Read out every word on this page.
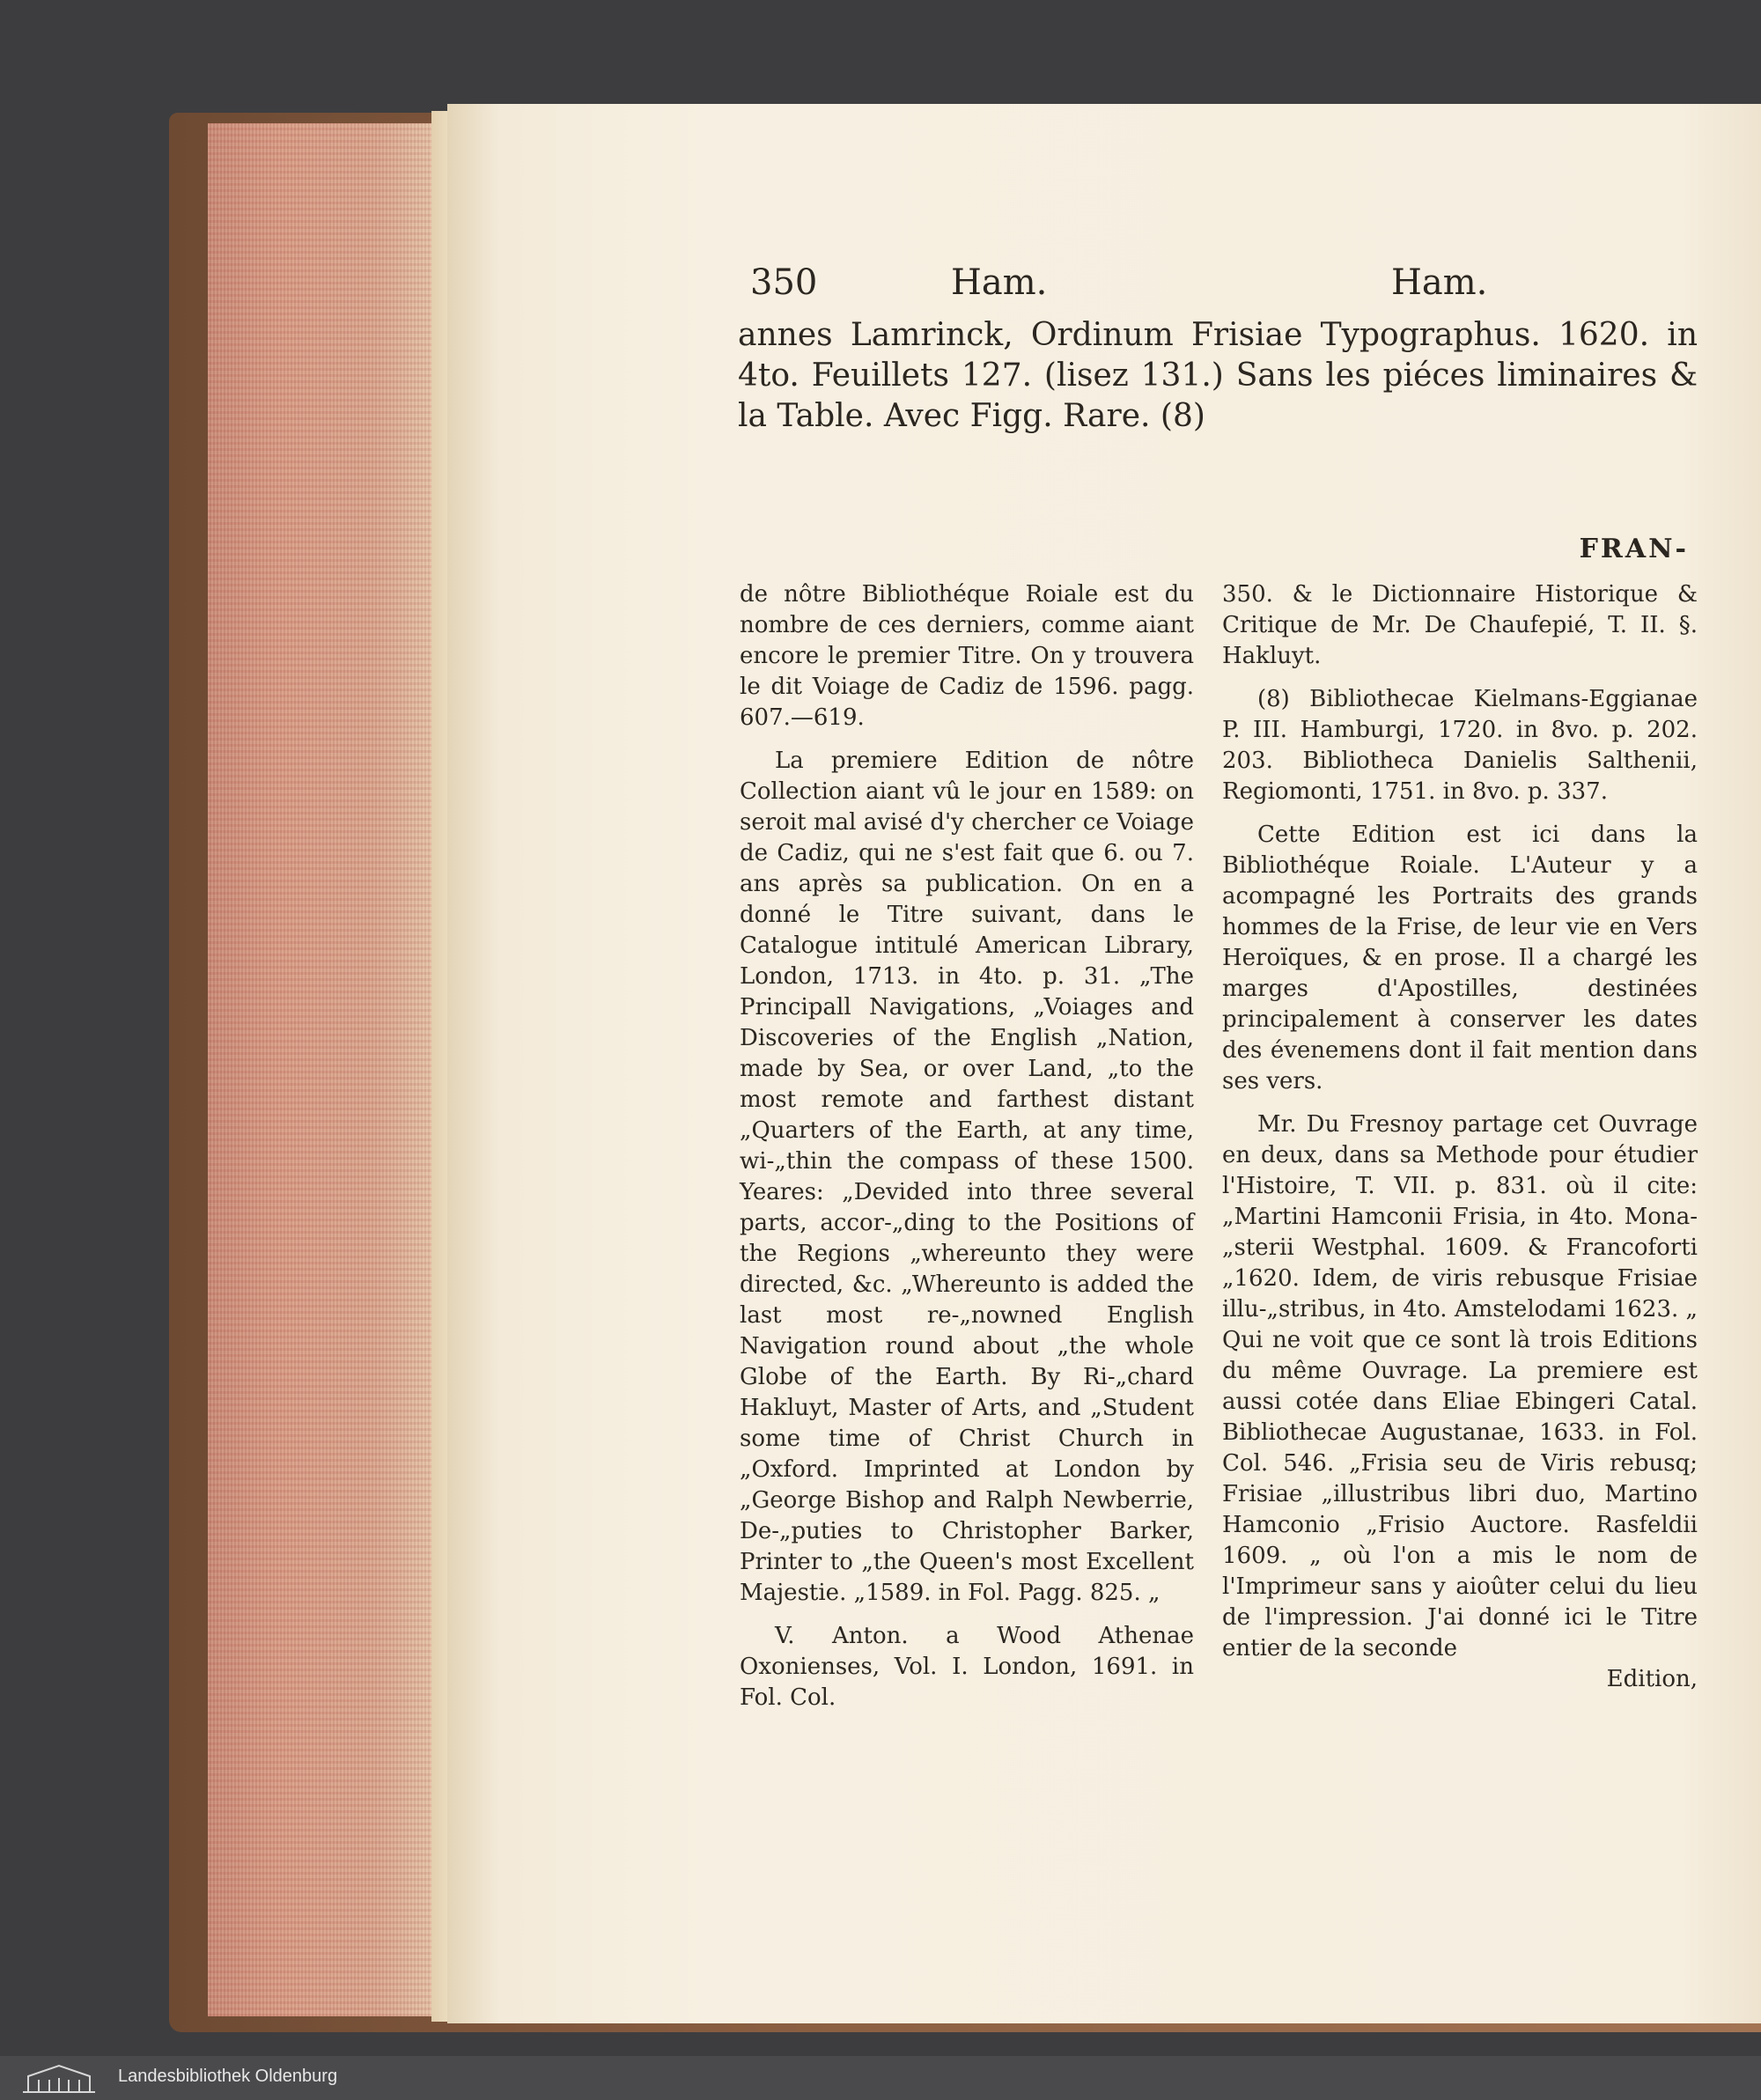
350	Ham.	Ham.

annes Lamrinck, Ordinum Frisiae Typographus. 1620. in 4to. Feuillets 127. (lisez 131.) Sans les piéces liminaires & la Table. Avec Figg. Rare. (8)

FRAN-

de nôtre Bibliothéque Roiale est du nombre de ces derniers, comme aiant encore le premier Titre. On y trouvera le dit Voiage de Cadiz de 1596. pagg. 607.—619.

La premiere Edition de nôtre Collection aiant vû le jour en 1589: on seroit mal avisé d'y chercher ce Voiage de Cadiz, qui ne s'est fait que 6. ou 7. ans après sa publication. On en a donné le Titre suivant, dans le Catalogue intitulé American Library, London, 1713. in 4to. p. 31. „The Principall Navigations, „Voiages and Discoveries of the English „Nation, made by Sea, or over Land, „to the most remote and farthest distant „Quarters of the Earth, at any time, wi-„thin the compass of these 1500. Yeares: „Devided into three several parts, accor-„ding to the Positions of the Regions „whereunto they were directed, &c. „Whereunto is added the last most re-„nowned English Navigation round about „the whole Globe of the Earth. By Ri-„chard Hakluyt, Master of Arts, and „Student some time of Christ Church in „Oxford. Imprinted at London by „George Bishop and Ralph Newberrie, De-„puties to Christopher Barker, Printer to „the Queen's most Excellent Majestie. „1589. in Fol. Pagg. 825. „

V. Anton. a Wood Athenae Oxonienses, Vol. I. London, 1691. in Fol. Col.

350. & le Dictionnaire Historique & Critique de Mr. De Chaufepié, T. II. §. Hakluyt.

(8) Bibliothecae Kielmans-Eggianae P. III. Hamburgi, 1720. in 8vo. p. 202. 203. Bibliotheca Danielis Salthenii, Regiomonti, 1751. in 8vo. p. 337.

Cette Edition est ici dans la Bibliothéque Roiale. L'Auteur y a acompagné les Portraits des grands hommes de la Frise, de leur vie en Vers Heroïques, & en prose. Il a chargé les marges d'Apostilles, destinées principalement à conserver les dates des évenemens dont il fait mention dans ses vers.

Mr. Du Fresnoy partage cet Ouvrage en deux, dans sa Methode pour étudier l'Histoire, T. VII. p. 831. où il cite: „Martini Hamconii Frisia, in 4to. Mona-„sterii Westphal. 1609. & Francoforti „1620. Idem, de viris rebusque Frisiae illu-„stribus, in 4to. Amstelodami 1623. „ Qui ne voit que ce sont là trois Editions du même Ouvrage. La premiere est aussi cotée dans Eliae Ebingeri Catal. Bibliothecae Augustanae, 1633. in Fol. Col. 546. „Frisia seu de Viris rebusq; Frisiae „illustribus libri duo, Martino Hamconio „Frisio Auctore. Rasfeldii 1609. „ où l'on a mis le nom de l'Imprimeur sans y aioûter celui du lieu de l'impression. J'ai donné ici le Titre entier de la seconde

Edition,

Landesbibliothek Oldenburg
